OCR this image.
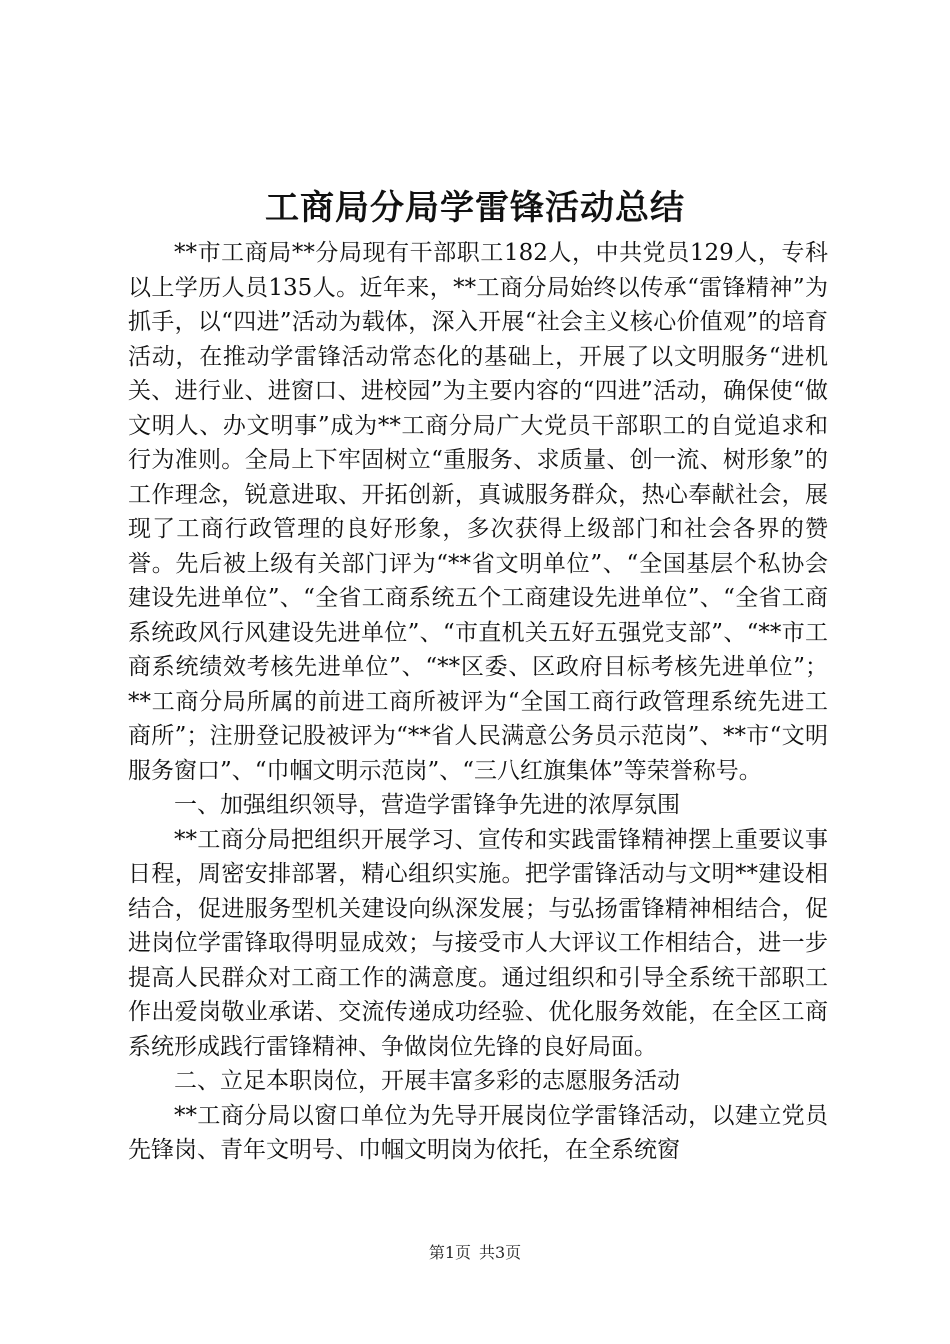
工商局分局学雷锋活动总结

**市工商局**分局现有干部职工182人，中共党员129人，专科以上学历人员135人。近年来，**工商分局始终以传承“雷锋精神”为抓手，以“四进”活动为载体，深入开展“社会主义核心价值观”的培育活动，在推动学雷锋活动常态化的基础上，开展了以文明服务“进机关、进行业、进窗口、进校园”为主要内容的“四进”活动，确保使“做文明人、办文明事”成为**工商分局广大党员干部职工的自觉追求和行为准则。全局上下牢固树立“重服务、求质量、创一流、树形象”的工作理念，锐意进取、开拓创新，真诚服务群众，热心奉献社会，展现了工商行政管理的良好形象，多次获得上级部门和社会各界的赞誉。先后被上级有关部门评为“**省文明单位”、“全国基层个私协会建设先进单位”、“全省工商系统五个工商建设先进单位”、“全省工商系统政风行风建设先进单位”、“市直机关五好五强党支部”、“**市工商系统绩效考核先进单位”、“**区委、区政府目标考核先进单位”；**工商分局所属的前进工商所被评为“全国工商行政管理系统先进工商所”；注册登记股被评为“**省人民满意公务员示范岗”、**市“文明服务窗口”、“巾帼文明示范岗”、“三八红旗集体”等荣誉称号。

一、加强组织领导，营造学雷锋争先进的浓厚氛围

**工商分局把组织开展学习、宣传和实践雷锋精神摆上重要议事日程，周密安排部署，精心组织实施。把学雷锋活动与文明**建设相结合，促进服务型机关建设向纵深发展；与弘扬雷锋精神相结合，促进岗位学雷锋取得明显成效；与接受市人大评议工作相结合，进一步提高人民群众对工商工作的满意度。通过组织和引导全系统干部职工作出爱岗敬业承诺、交流传递成功经验、优化服务效能，在全区工商系统形成践行雷锋精神、争做岗位先锋的良好局面。

二、立足本职岗位，开展丰富多彩的志愿服务活动

**工商分局以窗口单位为先导开展岗位学雷锋活动，以建立党员先锋岗、青年文明号、巾帼文明岗为依托，在全系统窗

第1页 共3页
